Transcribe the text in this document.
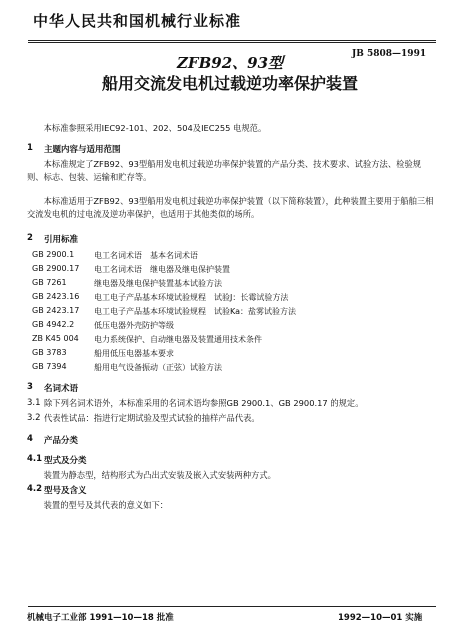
中华人民共和国机械行业标准
JB 5808—1991
ZFB92、93型
船用交流发电机过载逆功率保护装置
本标准参照采用IEC92-101、202、504及IEC255 电规范。
1 主题内容与适用范围
本标准规定了ZFB92、93型船用发电机过载逆功率保护装置的产品分类、技术要求、试验方法、检验规则、标志、包装、运输和贮存等。
本标准适用于ZFB92、93型船用发电机过载逆功率保护装置（以下简称装置），此种装置主要用于船舶三相交流发电机的过电流及逆功率保护，也适用于其他类似的场所。
2 引用标准
GB 2900.1 电工名词术语　基本名词术语
GB 2900.17 电工名词术语　继电器及继电保护装置
GB 7261	继电器及继电保护装置基本试验方法
GB 2423.16 电工电子产品基本环境试验规程　试验J：长霉试验方法
GB 2423.17 电工电子产品基本环境试验规程　试验Ka：盐雾试验方法
GB 4942.2 低压电器外壳防护等级
ZB K45 004 电力系统保护、自动继电器及装置通用技术条件
GB 3783	船用低压电器基本要求
GB 7394	船用电气设备振动（正弦）试验方法
3 名词术语
3.1 除下列名词术语外，本标准采用的名词术语均参照GB 2900.1、GB 2900.17 的规定。
3.2 代表性试品：指进行定期试验及型式试验的抽样产品代表。
4 产品分类
4.1 型式及分类
装置为静态型，结构形式为凸出式安装及嵌入式安装两种方式。
4.2 型号及含义
装置的型号及其代表的意义如下：
机械电子工业部 1991—10—18 批准	1992—10—01 实施
